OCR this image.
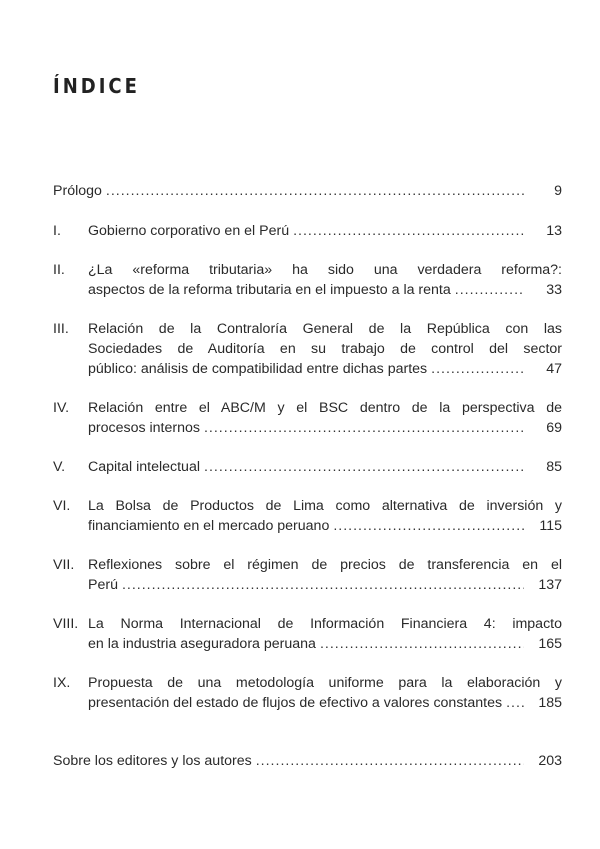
ÍNDICE
Prólogo .....	9
I.	Gobierno corporativo en el Perú .....	13
II.	¿La «reforma tributaria» ha sido una verdadera reforma?:
aspectos de la reforma tributaria en el impuesto a la renta .....	33
III.	Relación de la Contraloría General de la República con las
Sociedades de Auditoría en su trabajo de control del sector
público: análisis de compatibilidad entre dichas partes .....	47
IV.	Relación entre el ABC/M y el BSC dentro de la perspectiva de
procesos internos .....	69
V.	Capital intelectual .....	85
VI.	La Bolsa de Productos de Lima como alternativa de inversión y
financiamiento en el mercado peruano .....	115
VII. Reflexiones sobre el régimen de precios de transferencia en el
Perú .....	137
VIII. La Norma Internacional de Información Financiera 4: impacto
en la industria aseguradora peruana .....	165
IX.	Propuesta de una metodología uniforme para la elaboración y
presentación del estado de flujos de efectivo a valores constantes .....	185
Sobre los editores y los autores .....	203
